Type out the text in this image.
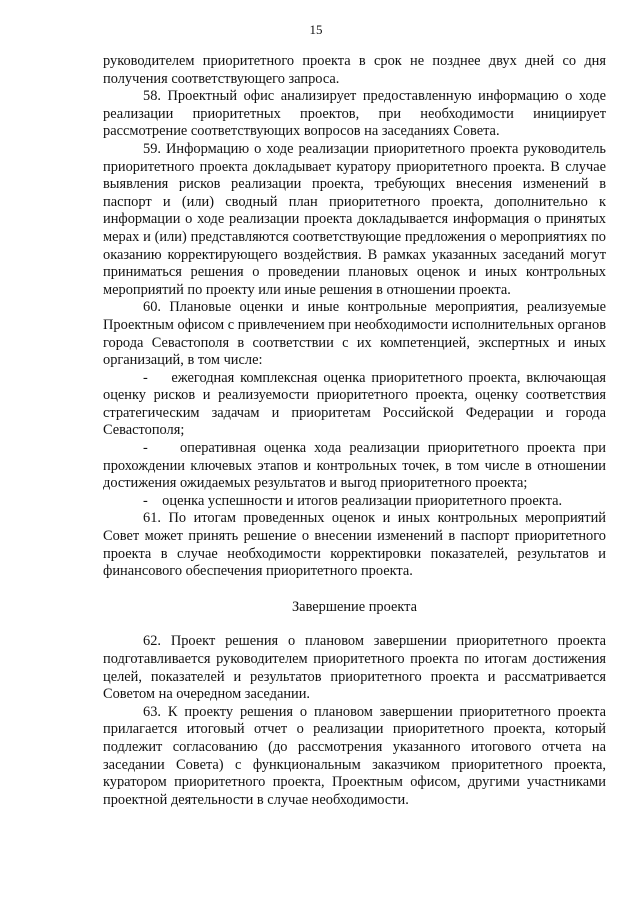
15

руководителем приоритетного проекта в срок не позднее двух дней со дня получения соответствующего запроса.

58. Проектный офис анализирует предоставленную информацию о ходе реализации приоритетных проектов, при необходимости инициирует рассмотрение соответствующих вопросов на заседаниях Совета.

59. Информацию о ходе реализации приоритетного проекта руководитель приоритетного проекта докладывает куратору приоритетного проекта. В случае выявления рисков реализации проекта, требующих внесения изменений в паспорт и (или) сводный план приоритетного проекта, дополнительно к информации о ходе реализации проекта докладывается информация о принятых мерах и (или) представляются соответствующие предложения о мероприятиях по оказанию корректирующего воздействия. В рамках указанных заседаний могут приниматься решения о проведении плановых оценок и иных контрольных мероприятий по проекту или иные решения в отношении проекта.

60. Плановые оценки и иные контрольные мероприятия, реализуемые Проектным офисом с привлечением при необходимости исполнительных органов города Севастополя в соответствии с их компетенцией, экспертных и иных организаций, в том числе:

-    ежегодная комплексная оценка приоритетного проекта, включающая оценку рисков и реализуемости приоритетного проекта, оценку соответствия стратегическим задачам и приоритетам Российской Федерации и города Севастополя;

-    оперативная оценка хода реализации приоритетного проекта при прохождении ключевых этапов и контрольных точек, в том числе в отношении достижения ожидаемых результатов и выгод приоритетного проекта;

-    оценка успешности и итогов реализации приоритетного проекта.

61. По итогам проведенных оценок и иных контрольных мероприятий Совет может принять решение о внесении изменений в паспорт приоритетного проекта в случае необходимости корректировки показателей, результатов и финансового обеспечения приоритетного проекта.

Завершение проекта

62. Проект решения о плановом завершении приоритетного проекта подготавливается руководителем приоритетного проекта по итогам достижения целей, показателей и результатов приоритетного проекта и рассматривается Советом на очередном заседании.

63. К проекту решения о плановом завершении приоритетного проекта прилагается итоговый отчет о реализации приоритетного проекта, который подлежит согласованию (до рассмотрения указанного итогового отчета на заседании Совета) с функциональным заказчиком приоритетного проекта, куратором приоритетного проекта, Проектным офисом, другими участниками проектной деятельности в случае необходимости.
